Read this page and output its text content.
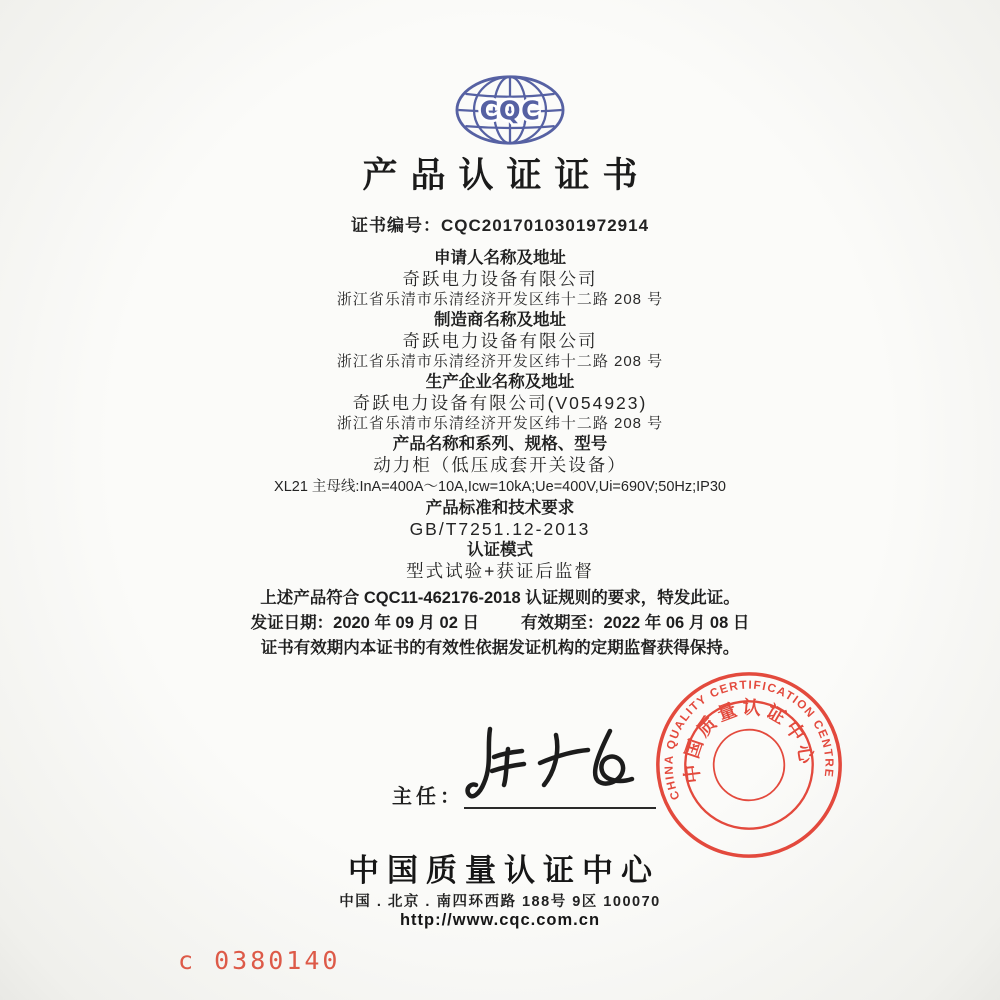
CQC
产品认证证书
证书编号：CQC2017010301972914
申请人名称及地址
奇跃电力设备有限公司
浙江省乐清市乐清经济开发区纬十二路 208 号
制造商名称及地址
奇跃电力设备有限公司
浙江省乐清市乐清经济开发区纬十二路 208 号
生产企业名称及地址
奇跃电力设备有限公司(V054923)
浙江省乐清市乐清经济开发区纬十二路 208 号
产品名称和系列、规格、型号
动力柜（低压成套开关设备）
XL21 主母线:InA=400A～10A,Icw=10kA;Ue=400V,Ui=690V;50Hz;IP30
产品标准和技术要求
GB/T7251.12-2013
认证模式
型式试验+获证后监督
上述产品符合 CQC11-462176-2018 认证规则的要求，特发此证。
发证日期：2020 年 09 月 02 日	有效期至：2022 年 06 月 08 日
证书有效期内本证书的有效性依据发证机构的定期监督获得保持。
主任：	CHINA QUALITY CERTIFICATION CENTRE
中国质量认证中心
中国质量认证中心
中国 . 北京 . 南四环西路 188号 9区 100070
http://www.cqc.com.cn
c 0380140
